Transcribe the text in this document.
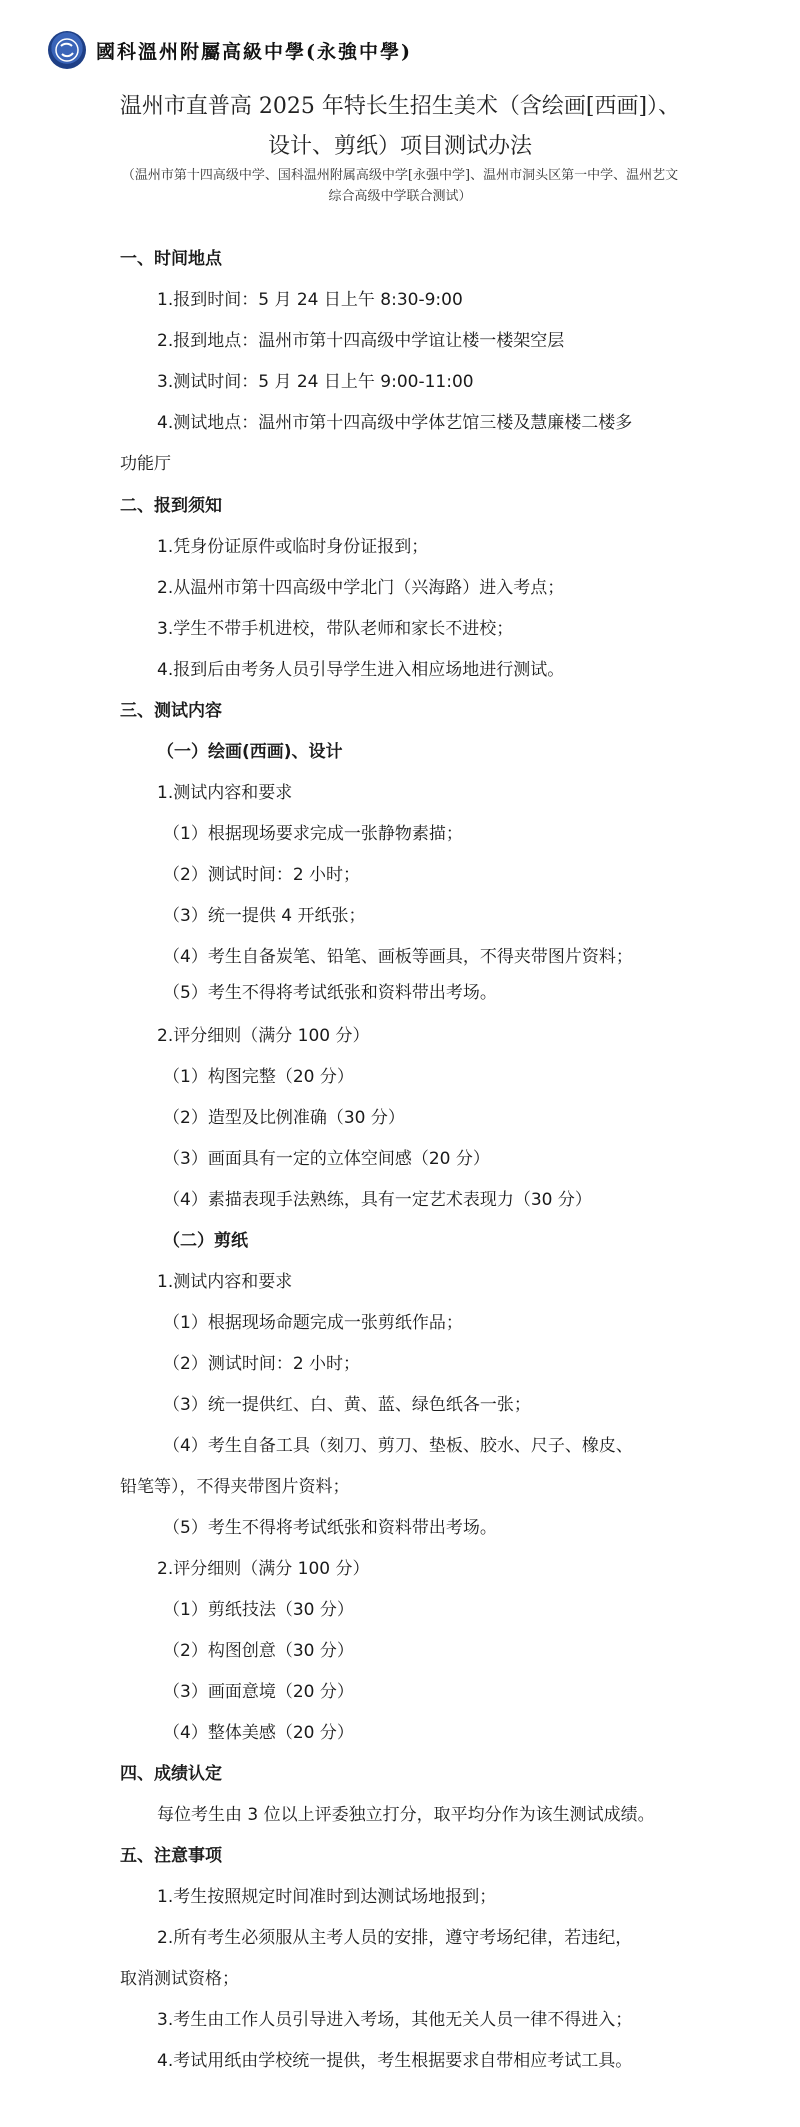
國科溫州附屬高級中學(永強中學)
温州市直普高 2025 年特长生招生美术（含绘画[西画]）、
设计、剪纸）项目测试办法
（温州市第十四高级中学、国科温州附属高级中学[永强中学]、温州市洞头区第一中学、温州艺文综合高级中学联合测试）
一、时间地点
1.报到时间：5 月 24 日上午 8:30-9:00
2.报到地点：温州市第十四高级中学谊让楼一楼架空层
3.测试时间：5 月 24 日上午 9:00-11:00
4.测试地点：温州市第十四高级中学体艺馆三楼及慧廉楼二楼多
功能厅
二、报到须知
1.凭身份证原件或临时身份证报到；
2.从温州市第十四高级中学北门（兴海路）进入考点；
3.学生不带手机进校，带队老师和家长不进校；
4.报到后由考务人员引导学生进入相应场地进行测试。
三、测试内容
（一）绘画(西画)、设计
1.测试内容和要求
（1）根据现场要求完成一张静物素描；
（2）测试时间：2 小时；
（3）统一提供 4 开纸张；
（4）考生自备炭笔、铅笔、画板等画具，不得夹带图片资料；
（5）考生不得将考试纸张和资料带出考场。
2.评分细则（满分 100 分）
（1）构图完整（20 分）
（2）造型及比例准确（30 分）
（3）画面具有一定的立体空间感（20 分）
（4）素描表现手法熟练，具有一定艺术表现力（30 分）
（二）剪纸
1.测试内容和要求
（1）根据现场命题完成一张剪纸作品；
（2）测试时间：2 小时；
（3）统一提供红、白、黄、蓝、绿色纸各一张；
（4）考生自备工具（刻刀、剪刀、垫板、胶水、尺子、橡皮、
铅笔等），不得夹带图片资料；
（5）考生不得将考试纸张和资料带出考场。
2.评分细则（满分 100 分）
（1）剪纸技法（30 分）
（2）构图创意（30 分）
（3）画面意境（20 分）
（4）整体美感（20 分）
四、成绩认定
每位考生由 3 位以上评委独立打分，取平均分作为该生测试成绩。
五、注意事项
1.考生按照规定时间准时到达测试场地报到；
2.所有考生必须服从主考人员的安排，遵守考场纪律，若违纪，
取消测试资格；
3.考生由工作人员引导进入考场，其他无关人员一律不得进入；
4.考试用纸由学校统一提供，考生根据要求自带相应考试工具。
